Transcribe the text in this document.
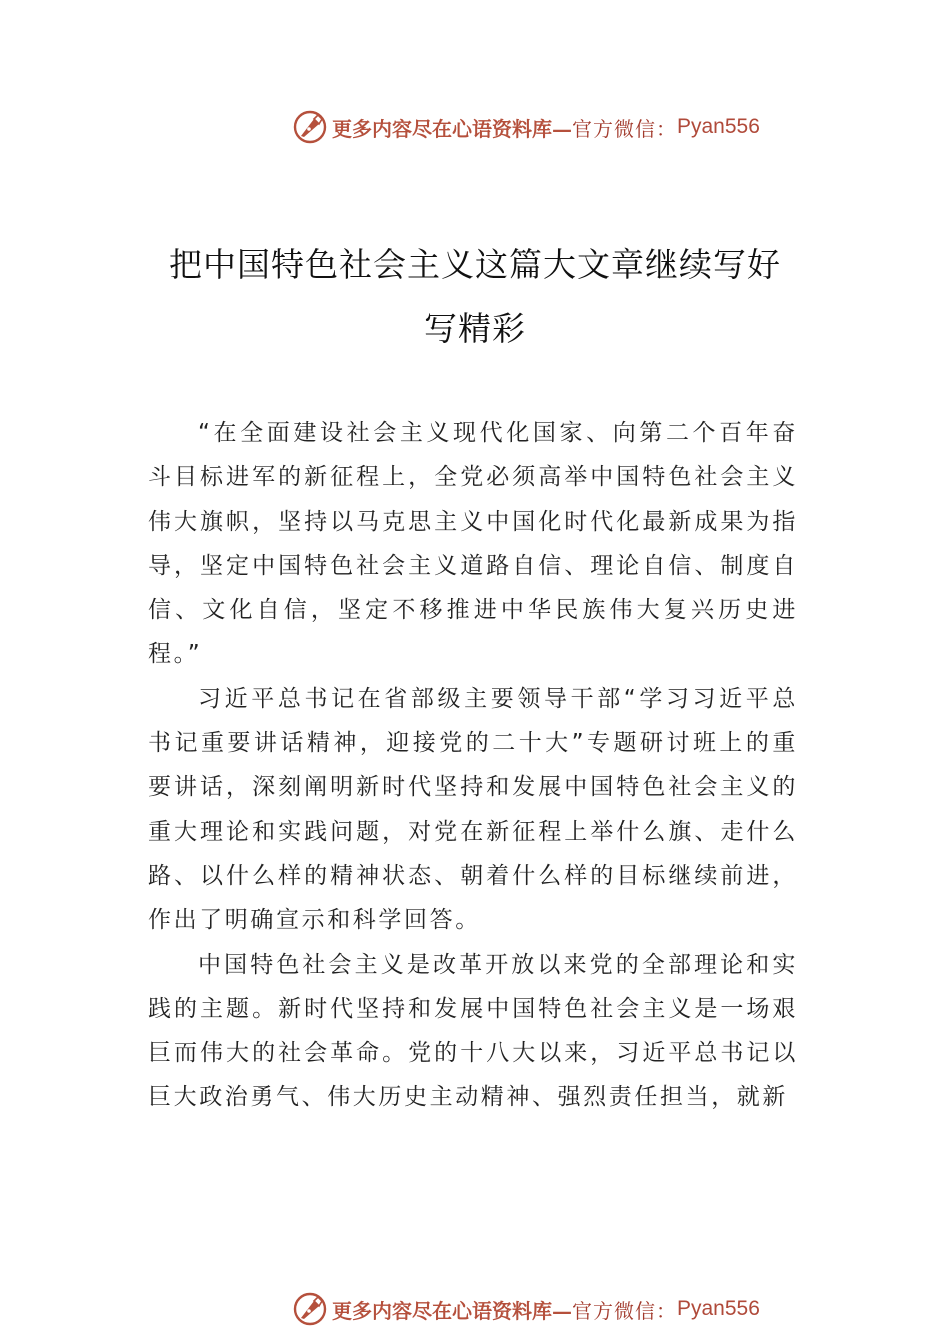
更多内容尽在心语资料库— 官方微信： Pyan556
把中国特色社会主义这篇大文章继续写好
写精彩

“在全面建设社会主义现代化国家、向第二个百年奋斗目标进军的新征程上，全党必须高举中国特色社会主义伟大旗帜，坚持以马克思主义中国化时代化最新成果为指导，坚定中国特色社会主义道路自信、理论自信、制度自信、文化自信，坚定不移推进中华民族伟大复兴历史进程。”

习近平总书记在省部级主要领导干部“学习习近平总书记重要讲话精神，迎接党的二十大”专题研讨班上的重要讲话，深刻阐明新时代坚持和发展中国特色社会主义的重大理论和实践问题，对党在新征程上举什么旗、走什么路、以什么样的精神状态、朝着什么样的目标继续前进，作出了明确宣示和科学回答。

中国特色社会主义是改革开放以来党的全部理论和实践的主题。新时代坚持和发展中国特色社会主义是一场艰巨而伟大的社会革命。党的十八大以来，习近平总书记以巨大政治勇气、伟大历史主动精神、强烈责任担当，就新

更多内容尽在心语资料库— 官方微信： Pyan556
